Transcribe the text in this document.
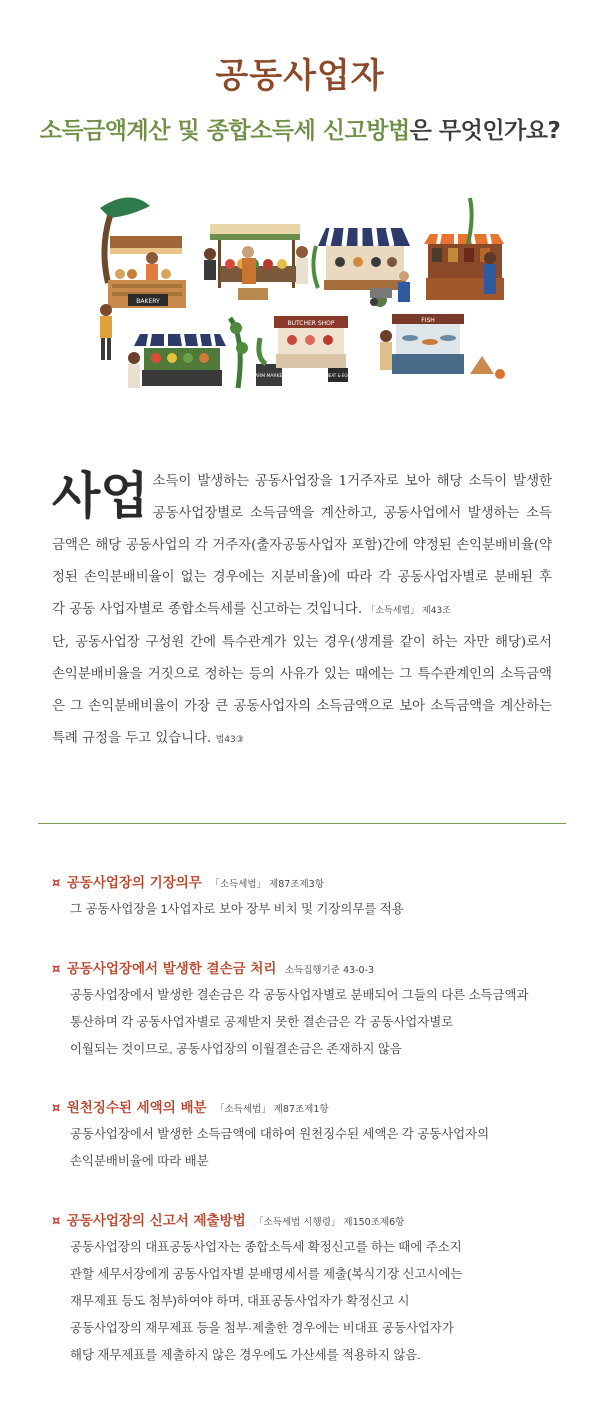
공동사업자
소득금액계산 및 종합소득세 신고방법은 무엇인가요?
BAKERY
FARM MARKET
BUTCHER SHOP
MEAT & EGG
FISH
사업 소득이 발생하는 공동사업장을 1거주자로 보아 해당 소득이 발생한 공동사업장별로 소득금액을 계산하고, 공동사업에서 발생하는 소득금액은 해당 공동사업의 각 거주자(출자공동사업자 포함)간에 약정된 손익분배비율(약정된 손익분배비율이 없는 경우에는 지분비율)에 따라 각 공동사업자별로 분배된 후 각 공동 사업자별로 종합소득세를 신고하는 것입니다. 「소득세법」 제43조
단, 공동사업장 구성원 간에 특수관계가 있는 경우(생계를 같이 하는 자만 해당)로서 손익분배비율을 거짓으로 정하는 등의 사유가 있는 때에는 그 특수관계인의 소득금액은 그 손익분배비율이 가장 큰 공동사업자의 소득금액으로 보아 소득금액을 계산하는 특례 규정을 두고 있습니다. 법43③
¤ 공동사업장의 기장의무 「소득세법」 제87조제3항
그 공동사업장을 1사업자로 보아 장부 비치 및 기장의무를 적용
¤ 공동사업장에서 발생한 결손금 처리 소득집행기준 43-0-3
공동사업장에서 발생한 결손금은 각 공동사업자별로 분배되어 그들의 다른 소득금액과
통산하며 각 공동사업자별로 공제받지 못한 결손금은 각 공동사업자별로
이월되는 것이므로, 공동사업장의 이월결손금은 존재하지 않음
¤ 원천징수된 세액의 배분 「소득세법」 제87조제1항
공동사업장에서 발생한 소득금액에 대하여 원천징수된 세액은 각 공동사업자의
손익분배비율에 따라 배분
¤ 공동사업장의 신고서 제출방법 「소득세법 시행령」 제150조제6항
공동사업장의 대표공동사업자는 종합소득세 확정신고를 하는 때에 주소지
관할 세무서장에게 공동사업자별 분배명세서를 제출(복식기장 신고시에는
재무제표 등도 첨부)하여야 하며, 대표공동사업자가 확정신고 시
공동사업장의 재무제표 등을 첨부·제출한 경우에는 비대표 공동사업자가
해당 재무제표를 제출하지 않은 경우에도 가산세를 적용하지 않음.
